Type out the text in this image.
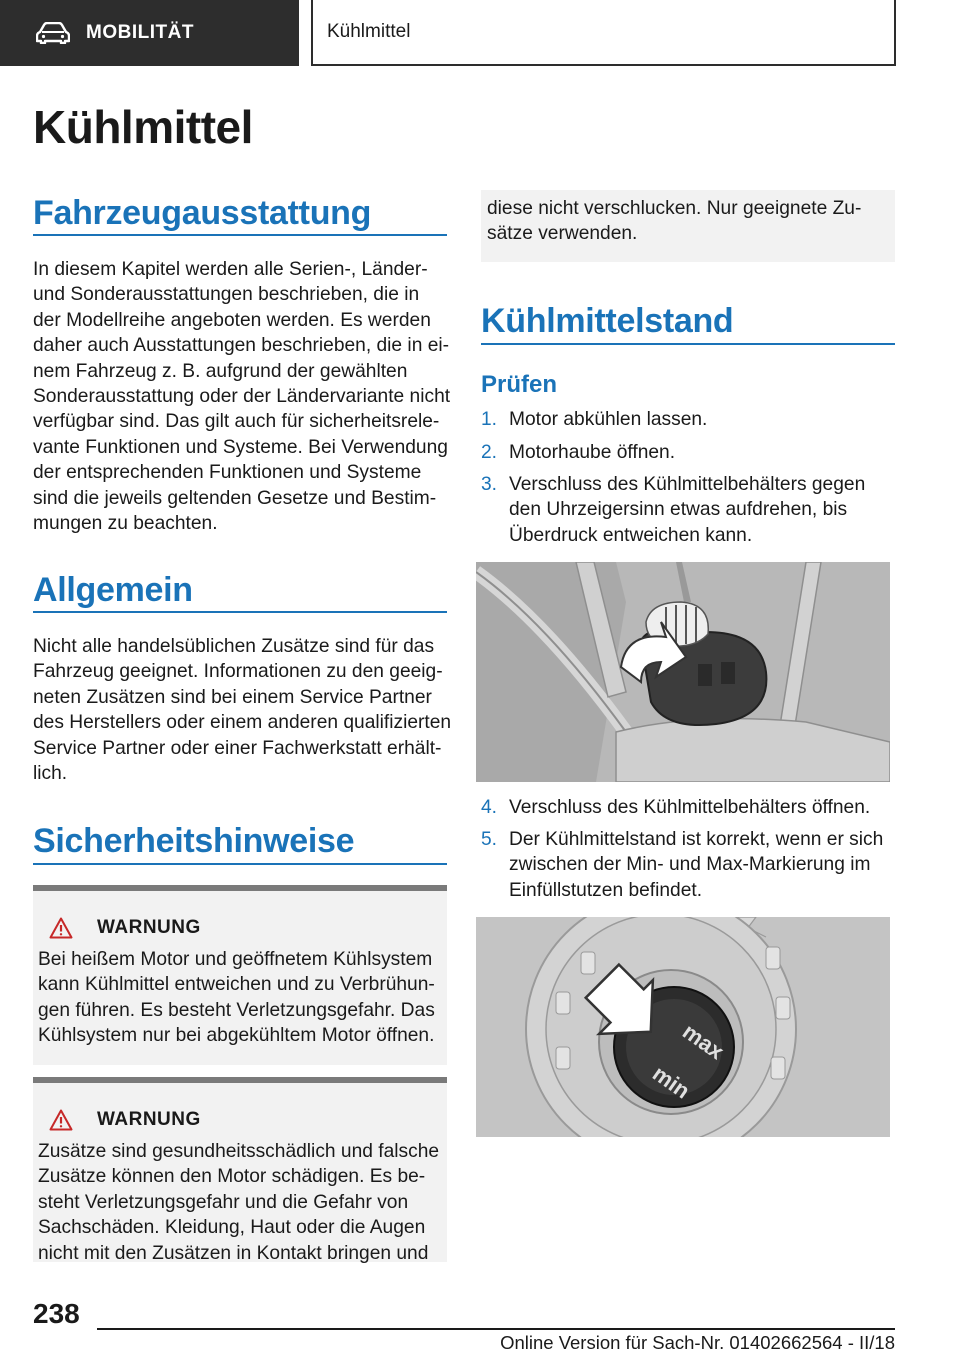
MOBILITÄT	Kühlmittel
Kühlmittel
Fahrzeugausstattung
In diesem Kapitel werden alle Serien-, Länder-
und Sonderausstattungen beschrieben, die in
der Modellreihe angeboten werden. Es werden
daher auch Ausstattungen beschrieben, die in ei-
nem Fahrzeug z. B. aufgrund der gewählten
Sonderausstattung oder der Ländervariante nicht
verfügbar sind. Das gilt auch für sicherheitsrele-
vante Funktionen und Systeme. Bei Verwendung
der entsprechenden Funktionen und Systeme
sind die jeweils geltenden Gesetze und Bestim-
mungen zu beachten.
Allgemein
Nicht alle handelsüblichen Zusätze sind für das
Fahrzeug geeignet. Informationen zu den geeig-
neten Zusätzen sind bei einem Service Partner
des Herstellers oder einem anderen qualifizierten
Service Partner oder einer Fachwerkstatt erhält-
lich.
Sicherheitshinweise
WARNUNG
Bei heißem Motor und geöffnetem Kühlsystem
kann Kühlmittel entweichen und zu Verbrühun-
gen führen. Es besteht Verletzungsgefahr. Das
Kühlsystem nur bei abgekühltem Motor öffnen.
WARNUNG
Zusätze sind gesundheitsschädlich und falsche
Zusätze können den Motor schädigen. Es be-
steht Verletzungsgefahr und die Gefahr von
Sachschäden. Kleidung, Haut oder die Augen
nicht mit den Zusätzen in Kontakt bringen und
diese nicht verschlucken. Nur geeignete Zu-
sätze verwenden.
Kühlmittelstand
Prüfen
1. Motor abkühlen lassen.
2. Motorhaube öffnen.
3. Verschluss des Kühlmittelbehälters gegen
den Uhrzeigersinn etwas aufdrehen, bis
Überdruck entweichen kann.
4. Verschluss des Kühlmittelbehälters öffnen.
5. Der Kühlmittelstand ist korrekt, wenn er sich
zwischen der Min- und Max-Markierung im
Einfüllstutzen befindet.
max
min
238
Online Version für Sach-Nr. 01402662564 - II/18
